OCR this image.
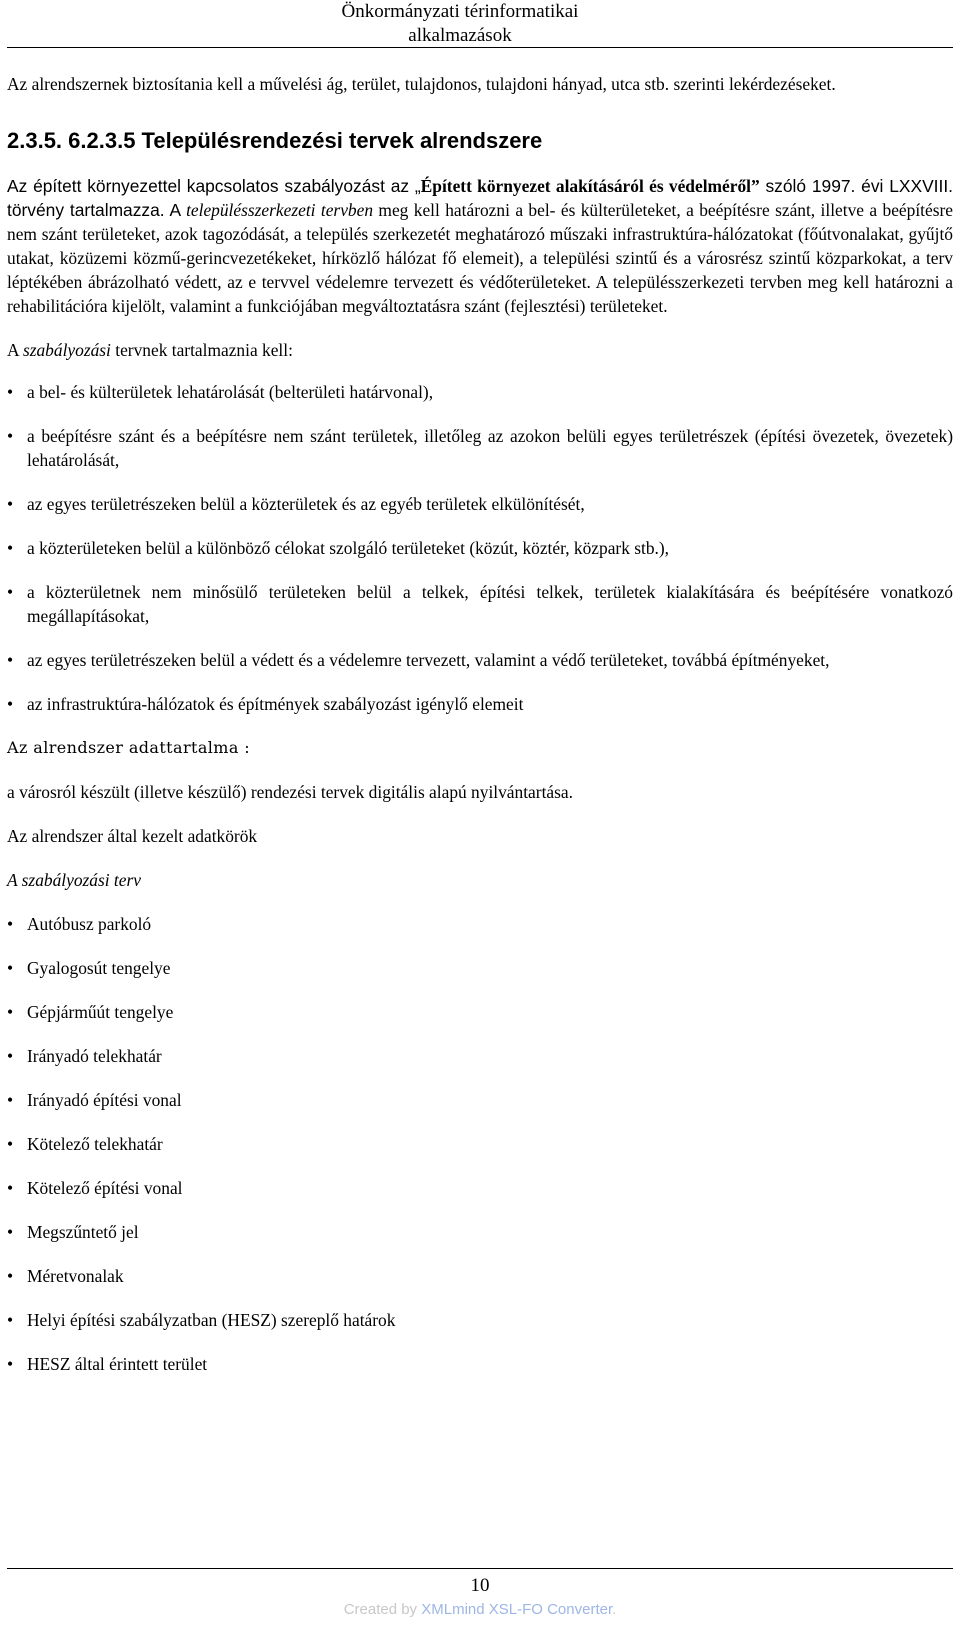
Önkormányzati térinformatikai alkalmazások

Az alrendszernek biztosítania kell a művelési ág, terület, tulajdonos, tulajdoni hányad, utca stb. szerinti lekérdezéseket.

2.3.5. 6.2.3.5 Településrendezési tervek alrendszere

Az épített környezettel kapcsolatos szabályozást az „Épített környezet alakításáról és védelméről” szóló 1997. évi LXXVIII. törvény tartalmazza. A településszerkezeti tervben meg kell határozni a bel- és külterületeket, a beépítésre szánt, illetve a beépítésre nem szánt területeket, azok tagozódását, a település szerkezetét meghatározó műszaki infrastruktúra-hálózatokat (főútvonalakat, gyűjtő utakat, közüzemi közmű-gerincvezetékeket, hírközlő hálózat fő elemeit), a települési szintű és a városrész szintű közparkokat, a terv léptékében ábrázolható védett, az e tervvel védelemre tervezett és védőterületeket. A településszerkezeti tervben meg kell határozni a rehabilitációra kijelölt, valamint a funkciójában megváltoztatásra szánt (fejlesztési) területeket.

A szabályozási tervnek tartalmaznia kell:

• a bel- és külterületek lehatárolását (belterületi határvonal),
• a beépítésre szánt és a beépítésre nem szánt területek, illetőleg az azokon belüli egyes területrészek (építési övezetek, övezetek) lehatárolását,
• az egyes területrészeken belül a közterületek és az egyéb területek elkülönítését,
• a közterületeken belül a különböző célokat szolgáló területeket (közút, köztér, közpark stb.),
• a közterületnek nem minősülő területeken belül a telkek, építési telkek, területek kialakítására és beépítésére vonatkozó megállapításokat,
• az egyes területrészeken belül a védett és a védelemre tervezett, valamint a védő területeket, továbbá építményeket,
• az infrastruktúra-hálózatok és építmények szabályozást igénylő elemeit

Az alrendszer adattartalma :

a városról készült (illetve készülő) rendezési tervek digitális alapú nyilvántartása.

Az alrendszer által kezelt adatkörök

A szabályozási terv

• Autóbusz parkoló
• Gyalogosút tengelye
• Gépjárműút tengelye
• Irányadó telekhatár
• Irányadó építési vonal
• Kötelező telekhatár
• Kötelező építési vonal
• Megszűntető jel
• Méretvonalak
• Helyi építési szabályzatban (HESZ) szereplő határok
• HESZ által érintett terület
10
Created by XMLmind XSL-FO Converter.
